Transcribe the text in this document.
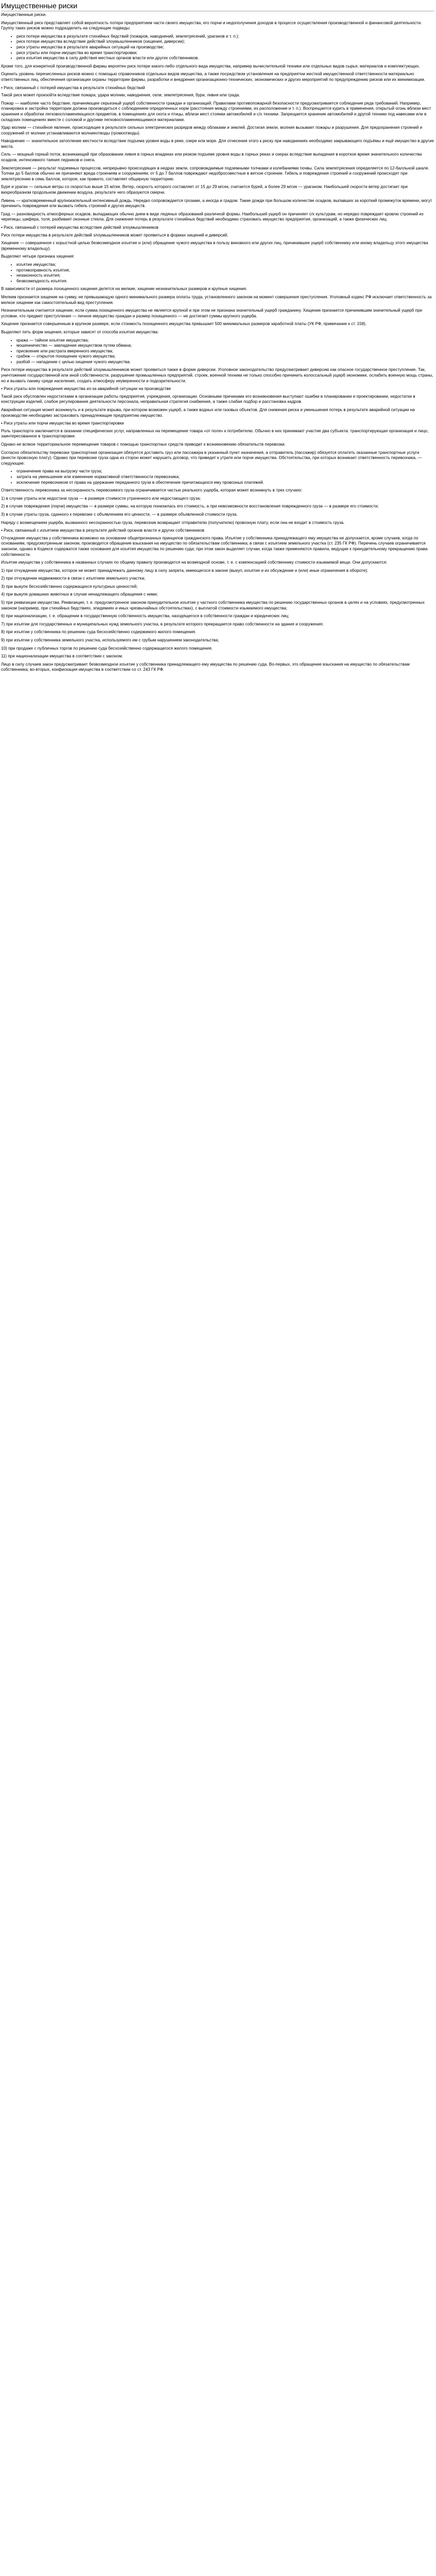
Имущественные риски

Имущественные риски.

Имущественный риск представляет собой вероятность потери предприятием части своего имущества, его порчи и недополучения доходов в процессе осуществления производственной и финансовой деятельности. Группу таких рисков можно подразделить на следующие подвиды:

• риск потери имущества в результате стихийных бедствий (пожаров, наводнений, землетрясений, ураганов и т. п.);
• риск потери имущества вследствие действий злоумышленников (хищения, диверсии);
• риск утраты имущества в результате аварийных ситуаций на производстве;
• риск утраты или порчи имущества во время транспортировки;
• риск изъятия имущества в силу действия местных органов власти или других собственников.

Кроме того, для конкретной производственной фирмы вероятен риск потери какого-либо отдельного вида имущества, например вычислительной техники или отдельных видов сырья, материалов и комплектующих.

Оценить уровень перечисленных рисков можно с помощью справочников отдельных видов имущества, а также посредством установления на предприятии жесткой имущественной ответственности материально ответственных лиц, обеспечения организации охраны территории фирмы, разработки и внедрения организационно-технических, экономических и других мероприятий по предупреждению рисков или их минимизации.

• Риск, связанный с потерей имущества в результате стихийных бедствий

Такой риск может произойти вследствие пожара, удара молнии, наводнения, сели, землетрясения, бури, ливня или града.

Пожар — наиболее часто бедствие, причиняющее серьезный ущерб собственности граждан и организаций. Правилами противопожарной безопасности предусматривается соблюдение ряда требований. Например, планировка и застройка территории должна производиться с соблюдением определенных норм (расстояния между строениями, их расположение и т. п.). Воспрещается курить в применения, открытый огонь вблизи мест хранения и обработки легковоспламеняющихся предметов, в помещениях для скота и птицы, вблизи мест стоянки автомобилей и с/х техники. Запрещается хранение автомобилей и другой техники под навесами или в складских помещениях вместе с соломой и другими легковоспламеняющимися материалами.

Удар молнии — стихийное явление, происходящее в результате сильных электрических разрядов между облаками и землей. Достигая земли, молния вызывает пожары и разрушения. Для предохранения строений и сооружений от молнии устанавливаются молниеотводы (громоотводы).

Наводнение — значительное затопление местности вследствие подъема уровня воды в реке, озере или море. Для отнесения этого к риску при наводнениях необходимо закрывающего подъёмы и ещё имущество в другие места.

Сель — мощный горный поток, возникающий при образовании ливня в горных впадинах или резком подъеме уровня воды в горных реках и озерах вследствие выпадения в короткое время значительного количества осадков, интенсивного таяния ледников и снега.

Землетрясение — результат подземных процессов, непрерывно происходящих в недрах земли, сопровождаемые подземными толчками и колебаниями почвы. Сила землетрясения определяется по 12-балльной шкале. Толчки до 5 баллов обычно не причиняют вреда строениям и сооружениям; от 5 до 7 баллов повреждают недобросовестные в ветхое строение. Гибель и повреждения строений и сооружений происходят при землетрясении в семь баллов, которое, как правило, составляет общирную территорию.

Буря и ураган — сильные ветры со скоростью выше 15 м/сек. Ветер, скорость которого составляет от 15 до 29 м/сек, считается бурей, а более 29 м/сек — ураганом. Наибольшей скорости ветер достигает при вихреобразном продольном движении воздуха, результате чего образуются смерчи.

Ливень — кратковременный крупнокапельный интенсивный дождь. Нередко сопровождается грозами, а иногда и градом. Такие дожди при большом количестве осадков, выпавших за короткий промежуток времени, могут причинить повреждения или вызвать гибель строений и других имуществ.

Град — разновидность атмосферных осадков, выпадающих обычно днем в виде ледяных образований различной формы. Наибольший ущерб он причиняет с/х культурам, но нередко повреждает кровлю строений из черепицы, шифера, толя, разбивает оконные стекла. Для снижения потерь в результате стихийных бедствий необходимо страховать имущество предприятия, организаций, а также физических лиц.

• Риск, связанный с потерей имущества вследствие действий злоумышленников

Риск потери имущества в результате действий злоумышленников может проявиться в формах хищений и диверсий.

Хищение — совершенное с корыстной целью безвозмездное изъятие и (или) обращение чужого имущества в пользу виновного или других лиц, причинившее ущерб собственнику или иному владельцу этого имущества (временному владельцу).

Выделяют четыре признака хищения:

• изъятие имущества;
• противоправность изъятия;
• незаконность изъятия;
• безвозмездность изъятия.

В зависимости от размера похищенного хищения делятся на мелкие, хищение незначительных размеров и крупные хищения.

Мелким признается хищение на сумму, не превышающую одного минимального размера оплаты труда, установленного законом на момент совершения преступления. Уголовный кодекс РФ исключает ответственность за мелкое хищение как самостоятельный вид преступления.

Незначительным считается хищение, если сумма похищенного имущества не является крупной и при этом не признана значительный ущерб гражданину. Хищение признается причинившим значительный ущерб при условии, что предмет преступления — личное имущество граждан и размер похищенного — не достигает суммы крупного ущерба.

Хищение признается совершенным в крупном размере, если стоимость похищенного имущества превышает 500 минимальных размеров заработной платы (УК РФ, примечание к ст. 158).

Выделяют пять форм хищения, которые зависят от способа изъятия имущества:

• кража — тайное изъятие имущества;
• мошенничество — завладение имуществом путем обмана;
• присвоение или растрата вверенного имущества;
• грабеж — открытое похищение чужого имущества;
• разбой — нападение с целью хищения чужого имущества.

Риск потери имущества в результате действий злоумышленников может проявиться также в форме диверсии. Уголовное законодательство предусматривает диверсию как опасное государственное преступление. Так, уничтожение государственной или иной собственности, разрушение промышленных предприятий, строек, военной техники не только способно причинить колоссальный ущерб экономике, ослабить военную мощь страны, но и вызвать панику среди населения, создать атмосферу неуверенности и подозрительности.

• Риск утраты или повреждения имущества из-за аварийной ситуации на производстве

Такой риск обусловлен недостатками в организации работы предприятия, учреждения, организации. Основными причинами его возникновения выступают ошибки в планировании и проектировании, недостатки в конструкции изделий, слабое регулирование деятельности персонала, неправильная стратегия снабжения, а также слабая подбор и расстановка кадров.

Аварийная ситуация может возникнуть и в результате взрыва, при котором возможен ущерб, а также водных или газовых объектов. Для снижения риска и уменьшения потерь в результате аварийной ситуации на производстве необходимо застраховать принадлежащие предприятию имущество.

• Риск утраты или порчи имущества во время транспортировки

Роль транспорта заключается в оказании специфических услуг, направленных на перемещение товара «от поля» к потребителю. Обычно в них принимают участие два субъекта: транспортирующая организация и лицо, заинтересованное в транспортировке.

Однако не всякое территориальное перемещение товаров с помощью транспортных средств приводит к возникновению обязательств перевозки.

Согласно обязательству перевозки транспортная организация обязуется доставить груз или пассажира в указанный пункт назначения, а отправитель (пассажир) обязуется оплатить оказанные транспортные услуги (внести провозную плату). Однако при перевозке груза одна из сторон может нарушить договор, что приведет к утрате или порче имущества. Обстоятельства, при которых возникает ответственность перевозчика, — следующие:

• ограничение права на выгрузку части груза;
• затрата на уменьшение или изменение нормативной ответственности перевозчика;
• исключение перевозчиком от права на удержание переданного груза в обеспечение причитающихся ему провозных платежей.

Ответственность перевозчика за несохранность перевозимого груза ограничивается частью реального ущерба, которая может возникнуть в трех случаях:

1) в случае утраты или недостачи груза — в размере стоимости утраченного или недостающего груза;

2) в случае повреждения (порчи) имущества — в размере суммы, на которую понизилась его стоимость, а при невозможности восстановления поврежденного груза — в размере его стоимости;

3) в случае утраты груза, сданного к перевозке с объявлением его ценности, — в размере объявленной стоимости груза.

Наряду с возмещением ущерба, вызванного несохранностью груза, перевозчик возвращает отправителю (получателю) провозную плату, если она не входит в стоимость груза.

• Риск, связанный с изъятием имущества в результате действий органов власти и других собственников

Отчуждение имущества у собственника возможно на основании общепризнанных принципов гражданского права. Изъятие у собственника принадлежащего ему имущества не допускается, кроме случаев, когда по основаниям, предусмотренным законом, производится обращение взыскания на имущество по обязательствам собственника; в связи с изъятием земельного участка (ст. 235 ГК РФ). Перечень случаев ограничивается законом, однако в Кодексе содержатся также основания для изъятия имущества по решению суда; при этом закон выделяет случаи, когда также применяются правила, ведущие к принудительному прекращению права собственности.

Изъятие имущества у собственника в названных случаях по общему правилу производится на возмездной основе, т. е. с компенсацией собственнику стоимости изымаемой вещи. Они допускаются:

1) при отчуждении имущества, которое не может принадлежать данному лицу в силу запрета, имеющегося в законе (выкуп, изъятие и их обсуждение и (или) иные ограничения в обороте);

2) при отчуждении недвижимости в связи с изъятием земельного участка;

3) при выкупе бесхозяйственно содержащихся культурных ценностей;

4) при выкупе домашних животных в случае ненадлежащего обращения с ними;

5) при реквизиции имущества. Реквизиция, т. е. предусмотренное законом принудительное изъятие у частного собственника имущества по решению государственных органов в целях и на условиях, предусмотренных законом (например, при стихийных бедствиях, эпидемиях и иных чрезвычайных обстоятельствах), с выплатой стоимости изымаемого имущества;

6) при национализации, т. е. обращении в государственную собственность имущества, находящегося в собственности граждан и юридических лиц;

7) при изъятии для государственных и муниципальных нужд земельного участка, в результате которого прекращается право собственности на здания и сооружения;

8) при изъятии у собственника по решению суда бесхозяйственно содержимого жилого помещения.

9) при изъятии у собственника земельного участка, используемого им с грубым нарушением законодательства;

10) при продаже с публичных торгов по решению суда бесхозяйственно содержащегося жилого помещения.

11) при национализации имущества в соответствии с законом.

Лицо в силу случаев закон предусматривает безвозмездное изъятие у собственника принадлежащего ему имущества по решению суда. Во-первых, это обращение взыскания на имущество по обязательствам собственника; во-вторых, конфискация имущества в соответствии со ст. 243 ГК РФ.
